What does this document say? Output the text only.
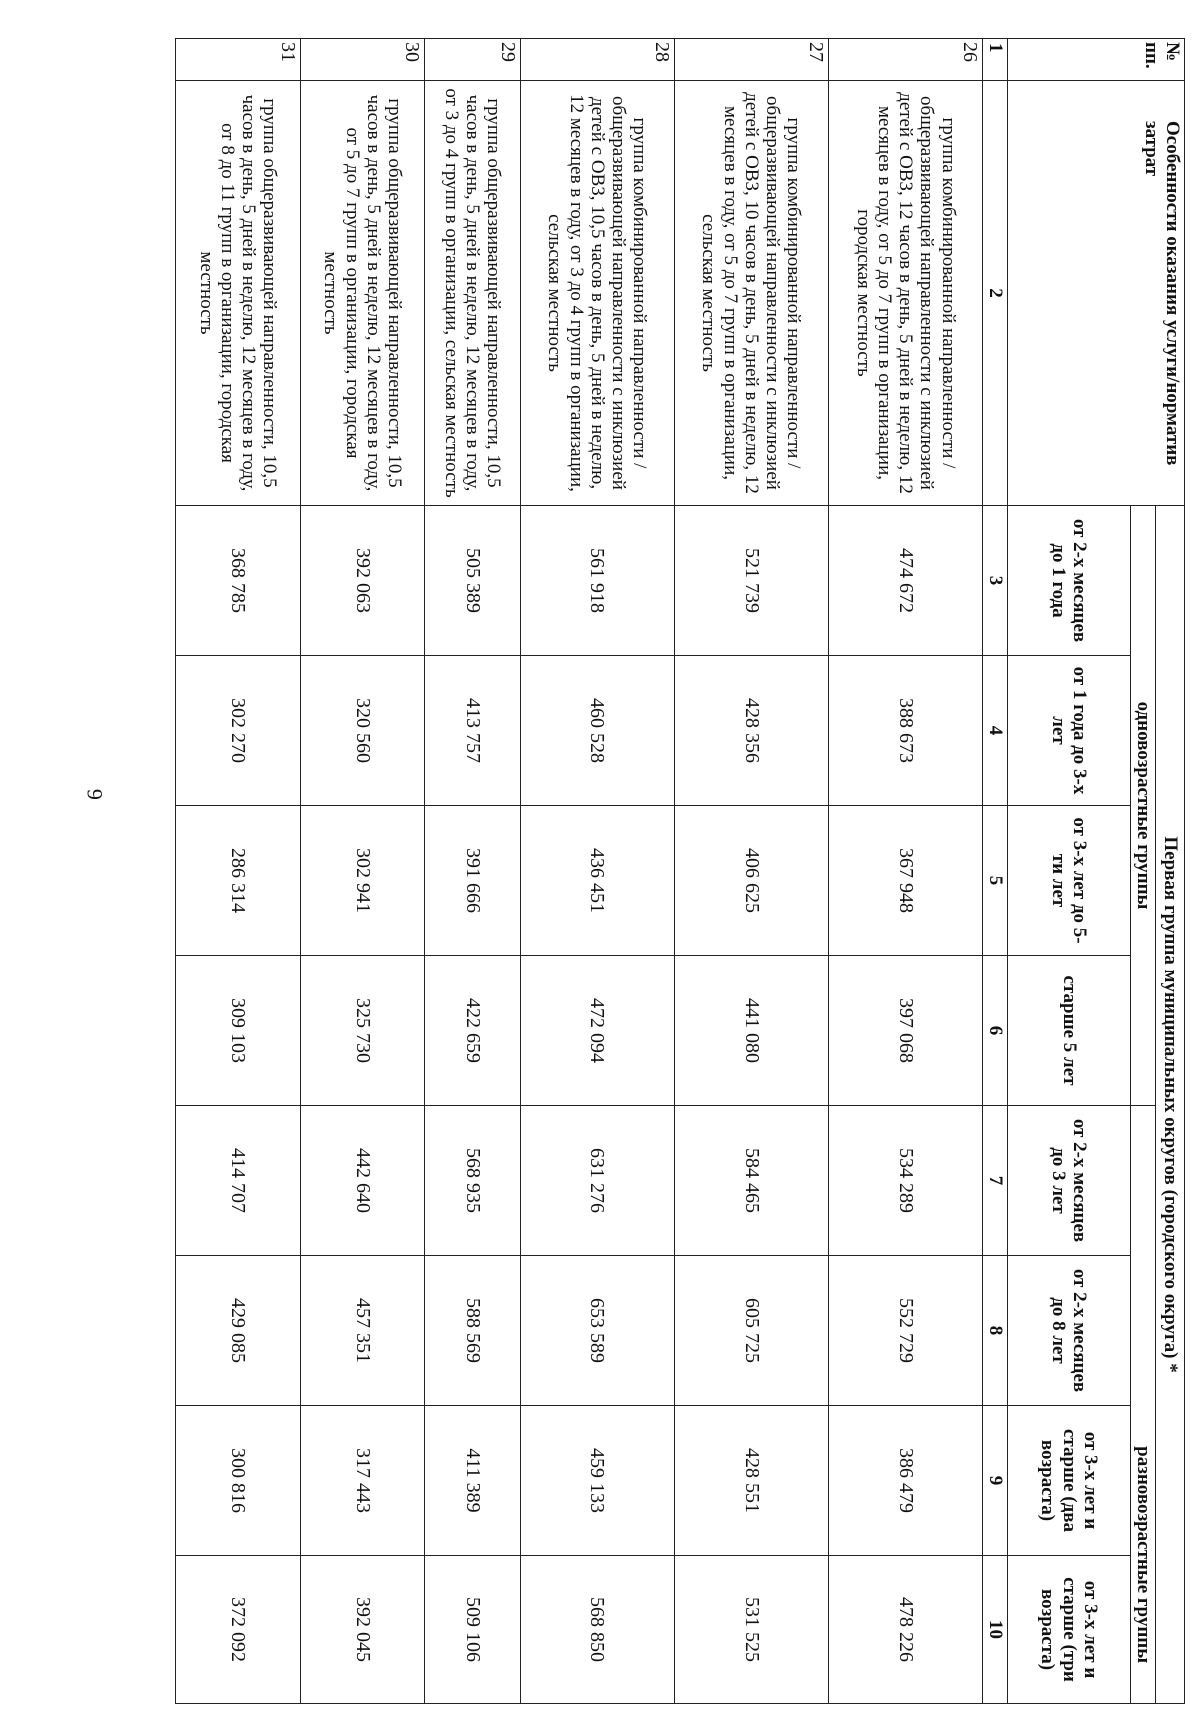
6
№ пп.	Особенности оказания услуги/норматив затрат	Первая группа муниципальных округов (городского округа) *							
		одновозрастные группы				разновозрастные группы			
		от 2-х месяцев до 1 года	от 1 года до 3-х лет	от 3-х лет до 5-ти лет	старше 5 лет	от 2-х месяцев до 3 лет	от 2-х месяцев до 8 лет	от 3-х лет и старше (два возраста)	от 3-х лет и старше (три возраста)
1	2	3	4	5	6	7	8	9	10
26	группа комбинированной направленности / общеразвивающей направленности с инклюзией детей с ОВЗ, 12 часов в день, 5 дней в неделю, 12 месяцев в году, от 5 до 7 групп в организации, городская местность	474 672	388 673	367 948	397 068	534 289	552 729	386 479	478 226
27	группа комбинированной направленности / общеразвивающей направленности с инклюзией детей с ОВЗ, 10 часов в день, 5 дней в неделю, 12 месяцев в году, от 5 до 7 групп в организации, сельская местность	521 739	428 356	406 625	441 080	584 465	605 725	428 551	531 525
28	группа комбинированной направленности / общеразвивающей направленности с инклюзией детей с ОВЗ, 10,5 часов в день, 5 дней в неделю, 12 месяцев в году, от 3 до 4 групп в организации, сельская местность	561 918	460 528	436 451	472 094	631 276	653 589	459 133	568 850
29	группа общеразвивающей направленности, 10,5 часов в день, 5 дней в неделю, 12 месяцев в году, от 3 до 4 групп в организации, сельская местность	505 389	413 757	391 666	422 659	568 935	588 569	411 389	509 106
30	группа общеразвивающей направленности, 10,5 часов в день, 5 дней в неделю, 12 месяцев в году, от 5 до 7 групп в организации, городская местность	392 063	320 560	302 941	325 730	442 640	457 351	317 443	392 045
31	группа общеразвивающей направленности, 10,5 часов в день, 5 дней в неделю, 12 месяцев в году, от 8 до 11 групп в организации, городская местность	368 785	302 270	286 314	309 103	414 707	429 085	300 816	372 092
